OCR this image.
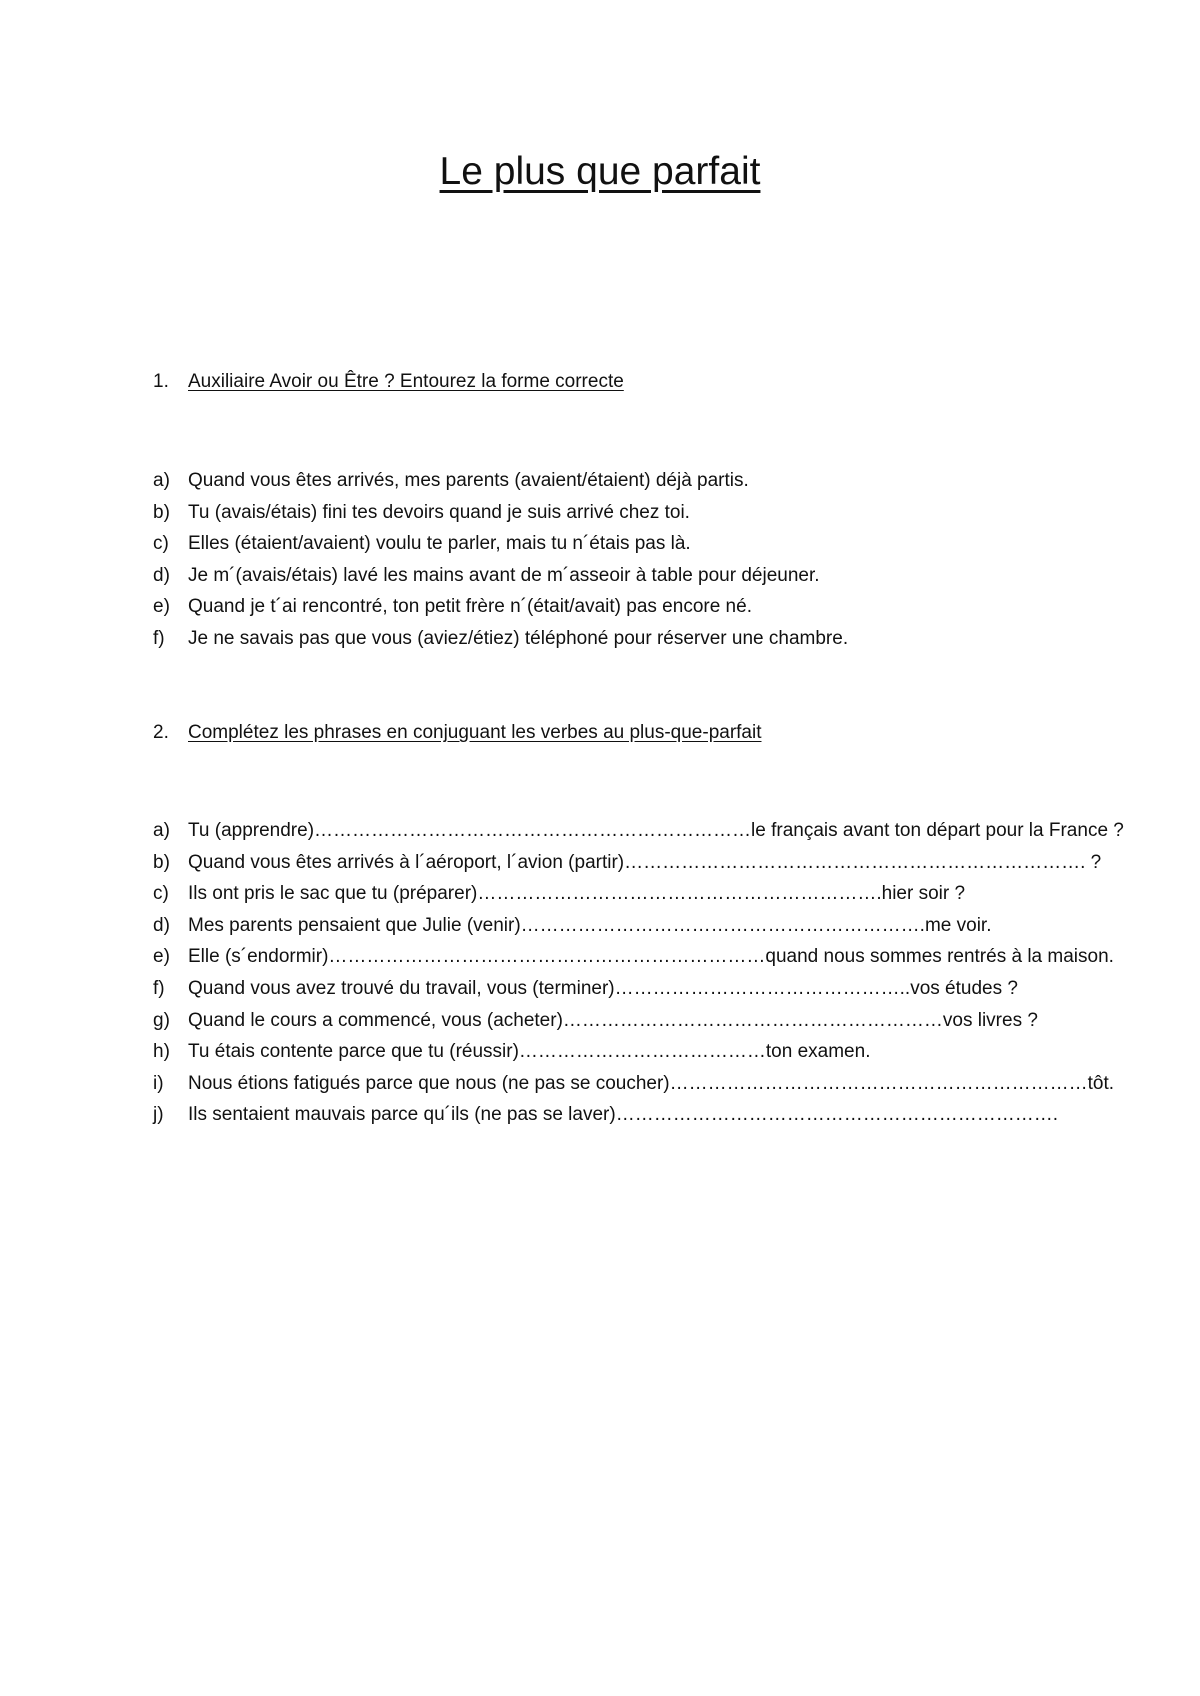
Le plus que parfait
1. Auxiliaire Avoir ou Être ? Entourez la forme correcte
a) Quand vous êtes arrivés, mes parents (avaient/étaient) déjà partis.
b) Tu (avais/étais) fini tes devoirs quand je suis arrivé chez toi.
c) Elles (étaient/avaient) voulu te parler, mais tu n´étais pas là.
d) Je m´(avais/étais) lavé les mains avant de m´asseoir à table pour déjeuner.
e) Quand je t´ai rencontré, ton petit frère n´(était/avait) pas encore né.
f) Je ne savais pas que vous (aviez/étiez) téléphoné pour réserver une chambre.
2. Complétez les phrases en conjuguant les verbes au plus-que-parfait
a) Tu (apprendre)……………………………………………………………le français avant ton départ pour la France ?
b) Quand vous êtes arrivés à l´aéroport, l´avion (partir)………………………………………………………………. ?
c) Ils ont pris le sac que tu (préparer)……………………………………………………….hier soir ?
d) Mes parents pensaient que Julie (venir)……………………………………………………….me voir.
e) Elle (s´endormir)……………………………………………………………quand nous sommes rentrés à la maison.
f) Quand vous avez trouvé du travail, vous (terminer)………………………………………..vos études ?
g) Quand le cours a commencé, vous (acheter)……………………………………………………vos livres ?
h) Tu étais contente parce que tu (réussir)…………………………………ton examen.
i) Nous étions fatigués parce que nous (ne pas se coucher)…………………………………………………………tôt.
j) Ils sentaient mauvais parce qu´ils (ne pas se laver)…………………………………………………………….
